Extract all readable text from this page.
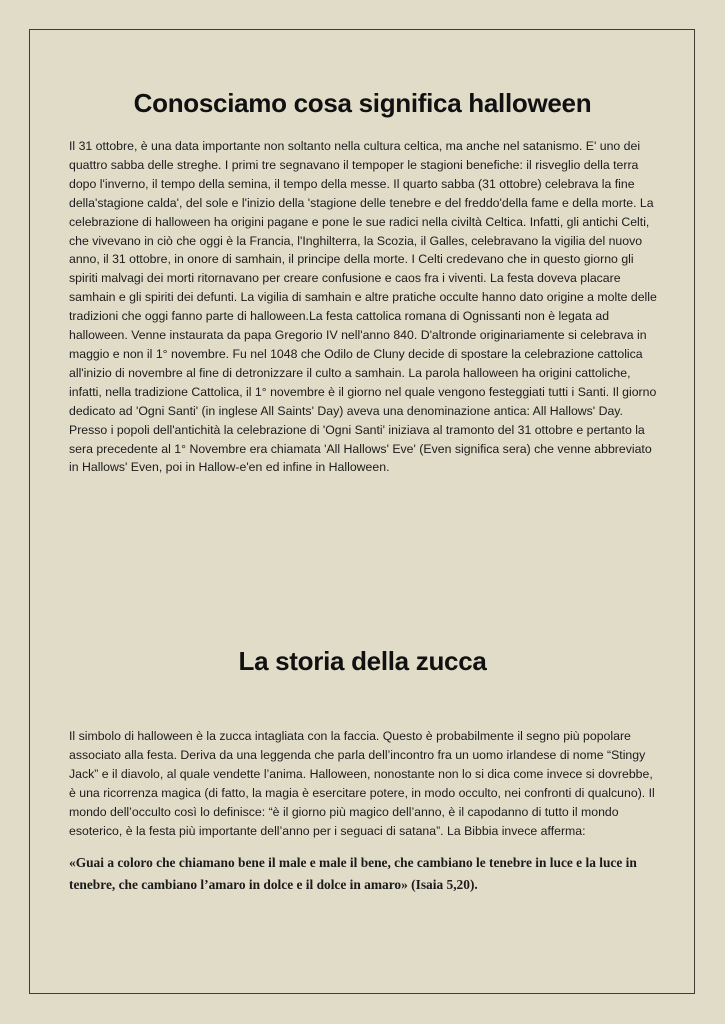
Conosciamo cosa significa halloween

Il 31 ottobre, è una data importante non soltanto nella cultura celtica, ma anche nel satanismo. E' uno dei quattro sabba delle streghe. I primi tre segnavano il tempoper le stagioni benefiche: il risveglio della terra dopo l'inverno, il tempo della semina, il tempo della messe. Il quarto sabba (31 ottobre) celebrava la fine della'stagione calda', del sole e l'inizio della 'stagione delle tenebre e del freddo'della fame e della morte. La celebrazione di halloween ha origini pagane e pone le sue radici nella civiltà Celtica. Infatti, gli antichi Celti, che vivevano in ciò che oggi è la Francia, l'Inghilterra, la Scozia, il Galles, celebravano la vigilia del nuovo anno, il 31 ottobre, in onore di samhain, il principe della morte. I Celti credevano che in questo giorno gli spiriti malvagi dei morti ritornavano per creare confusione e caos fra i viventi. La festa doveva placare samhain e gli spiriti dei defunti. La vigilia di samhain e altre pratiche occulte hanno dato origine a molte delle tradizioni che oggi fanno parte di halloween.La festa cattolica romana di Ognissanti non è legata ad halloween. Venne instaurata da papa Gregorio IV nell'anno 840. D'altronde originariamente si celebrava in maggio e non il 1° novembre. Fu nel 1048 che Odilo de Cluny decide di spostare la celebrazione cattolica all'inizio di novembre al fine di detronizzare il culto a samhain. La parola halloween ha origini cattoliche, infatti, nella tradizione Cattolica, il 1° novembre è il giorno nel quale vengono festeggiati tutti i Santi. Il giorno dedicato ad 'Ogni Santi' (in inglese All Saints' Day) aveva una denominazione antica: All Hallows' Day. Presso i popoli dell'antichità la celebrazione di 'Ogni Santi' iniziava al tramonto del 31 ottobre e pertanto la sera precedente al 1° Novembre era chiamata 'All Hallows' Eve' (Even significa sera) che venne abbreviato in Hallows' Even, poi in Hallow-e'en ed infine in Halloween.

La storia della zucca

Il simbolo di halloween è la zucca intagliata con la faccia. Questo è probabilmente il segno più popolare associato alla festa. Deriva da una leggenda che parla dell’incontro fra un uomo irlandese di nome “Stingy Jack” e il diavolo, al quale vendette l’anima. Halloween, nonostante non lo si dica come invece si dovrebbe, è una ricorrenza magica (di fatto, la magia è esercitare potere, in modo occulto, nei confronti di qualcuno). Il mondo dell’occulto così lo definisce: “è il giorno più magico dell’anno, è il capodanno di tutto il mondo esoterico, è la festa più importante dell’anno per i seguaci di satana”. La Bibbia invece afferma:

«Guai a coloro che chiamano bene il male e male il bene, che cambiano le tenebre in luce e la luce in tenebre, che cambiano l’amaro in dolce e il dolce in amaro» (Isaia 5,20).
